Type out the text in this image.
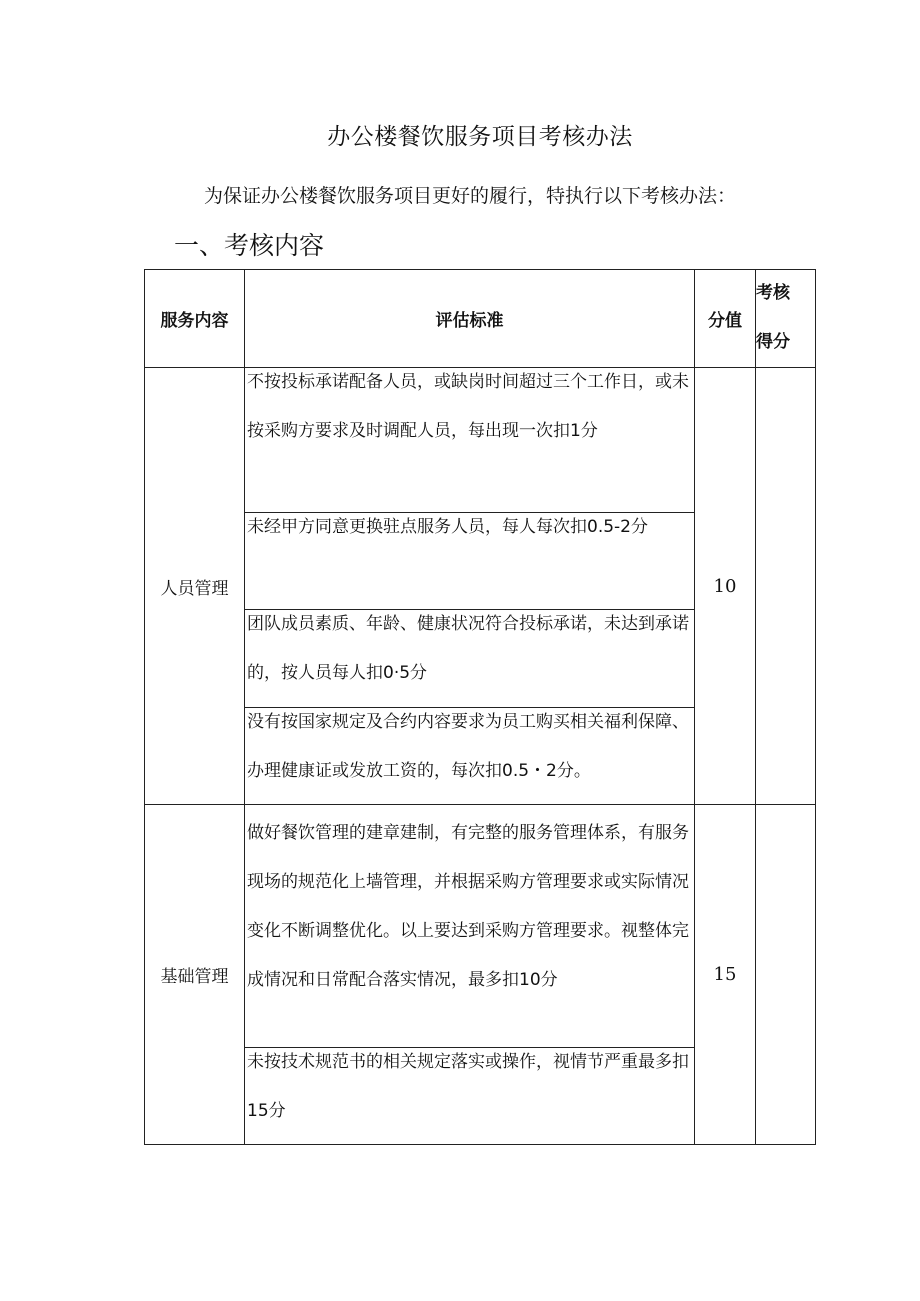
办公楼餐饮服务项目考核办法
为保证办公楼餐饮服务项目更好的履行，特执行以下考核办法：
一、考核内容
服务内容	评估标准	分值	考核
得分

人员管理	不按投标承诺配备人员，或缺岗时间超过三个工作日，或未按采购方要求及时调配人员，每出现一次扣1分	10	

	未经甲方同意更换驻点服务人员，每人每次扣0.5-2分		

	团队成员素质、年龄、健康状况符合投标承诺，未达到承诺的，按人员每人扣0·5分		

	没有按国家规定及合约内容要求为员工购买相关福利保障、办理健康证或发放工资的，每次扣0.5・2分。		

基础管理	做好餐饮管理的建章建制，有完整的服务管理体系，有服务现场的规范化上墙管理，并根据采购方管理要求或实际情况变化不断调整优化。以上要达到采购方管理要求。视整体完成情况和日常配合落实情况，最多扣10分	15	

	未按技术规范书的相关规定落实或操作，视情节严重最多扣15分		
